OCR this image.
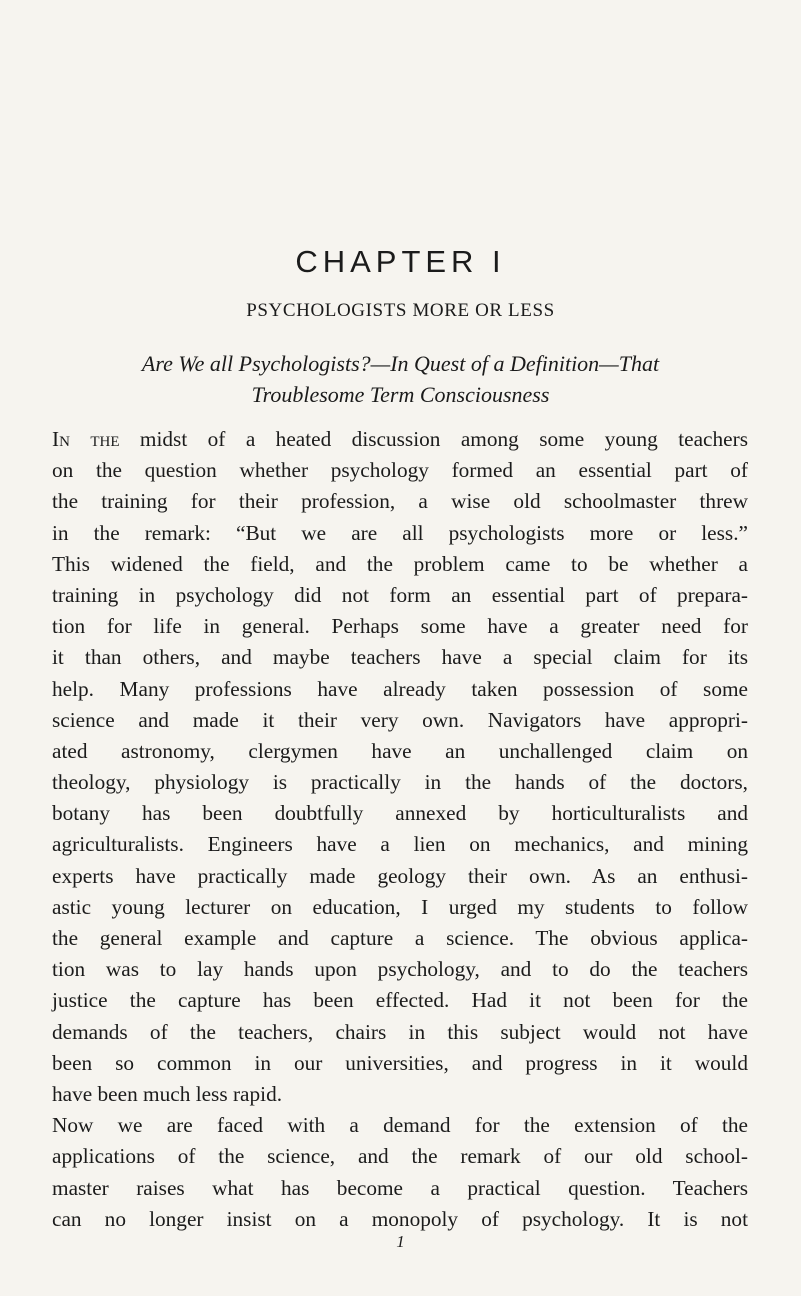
CHAPTER I
PSYCHOLOGISTS MORE OR LESS
Are We all Psychologists?—In Quest of a Definition—That
Troublesome Term Consciousness
In the midst of a heated discussion among some young teachers
on the question whether psychology formed an essential part of
the training for their profession, a wise old schoolmaster threw
in the remark: “But we are all psychologists more or less.”
This widened the field, and the problem came to be whether a
training in psychology did not form an essential part of prepara-
tion for life in general. Perhaps some have a greater need for
it than others, and maybe teachers have a special claim for its
help. Many professions have already taken possession of some
science and made it their very own. Navigators have appropri-
ated astronomy, clergymen have an unchallenged claim on
theology, physiology is practically in the hands of the doctors,
botany has been doubtfully annexed by horticulturalists and
agriculturalists. Engineers have a lien on mechanics, and mining
experts have practically made geology their own. As an enthusi-
astic young lecturer on education, I urged my students to follow
the general example and capture a science. The obvious applica-
tion was to lay hands upon psychology, and to do the teachers
justice the capture has been effected. Had it not been for the
demands of the teachers, chairs in this subject would not have
been so common in our universities, and progress in it would
have been much less rapid.
Now we are faced with a demand for the extension of the
applications of the science, and the remark of our old school-
master raises what has become a practical question. Teachers
can no longer insist on a monopoly of psychology. It is not
1
